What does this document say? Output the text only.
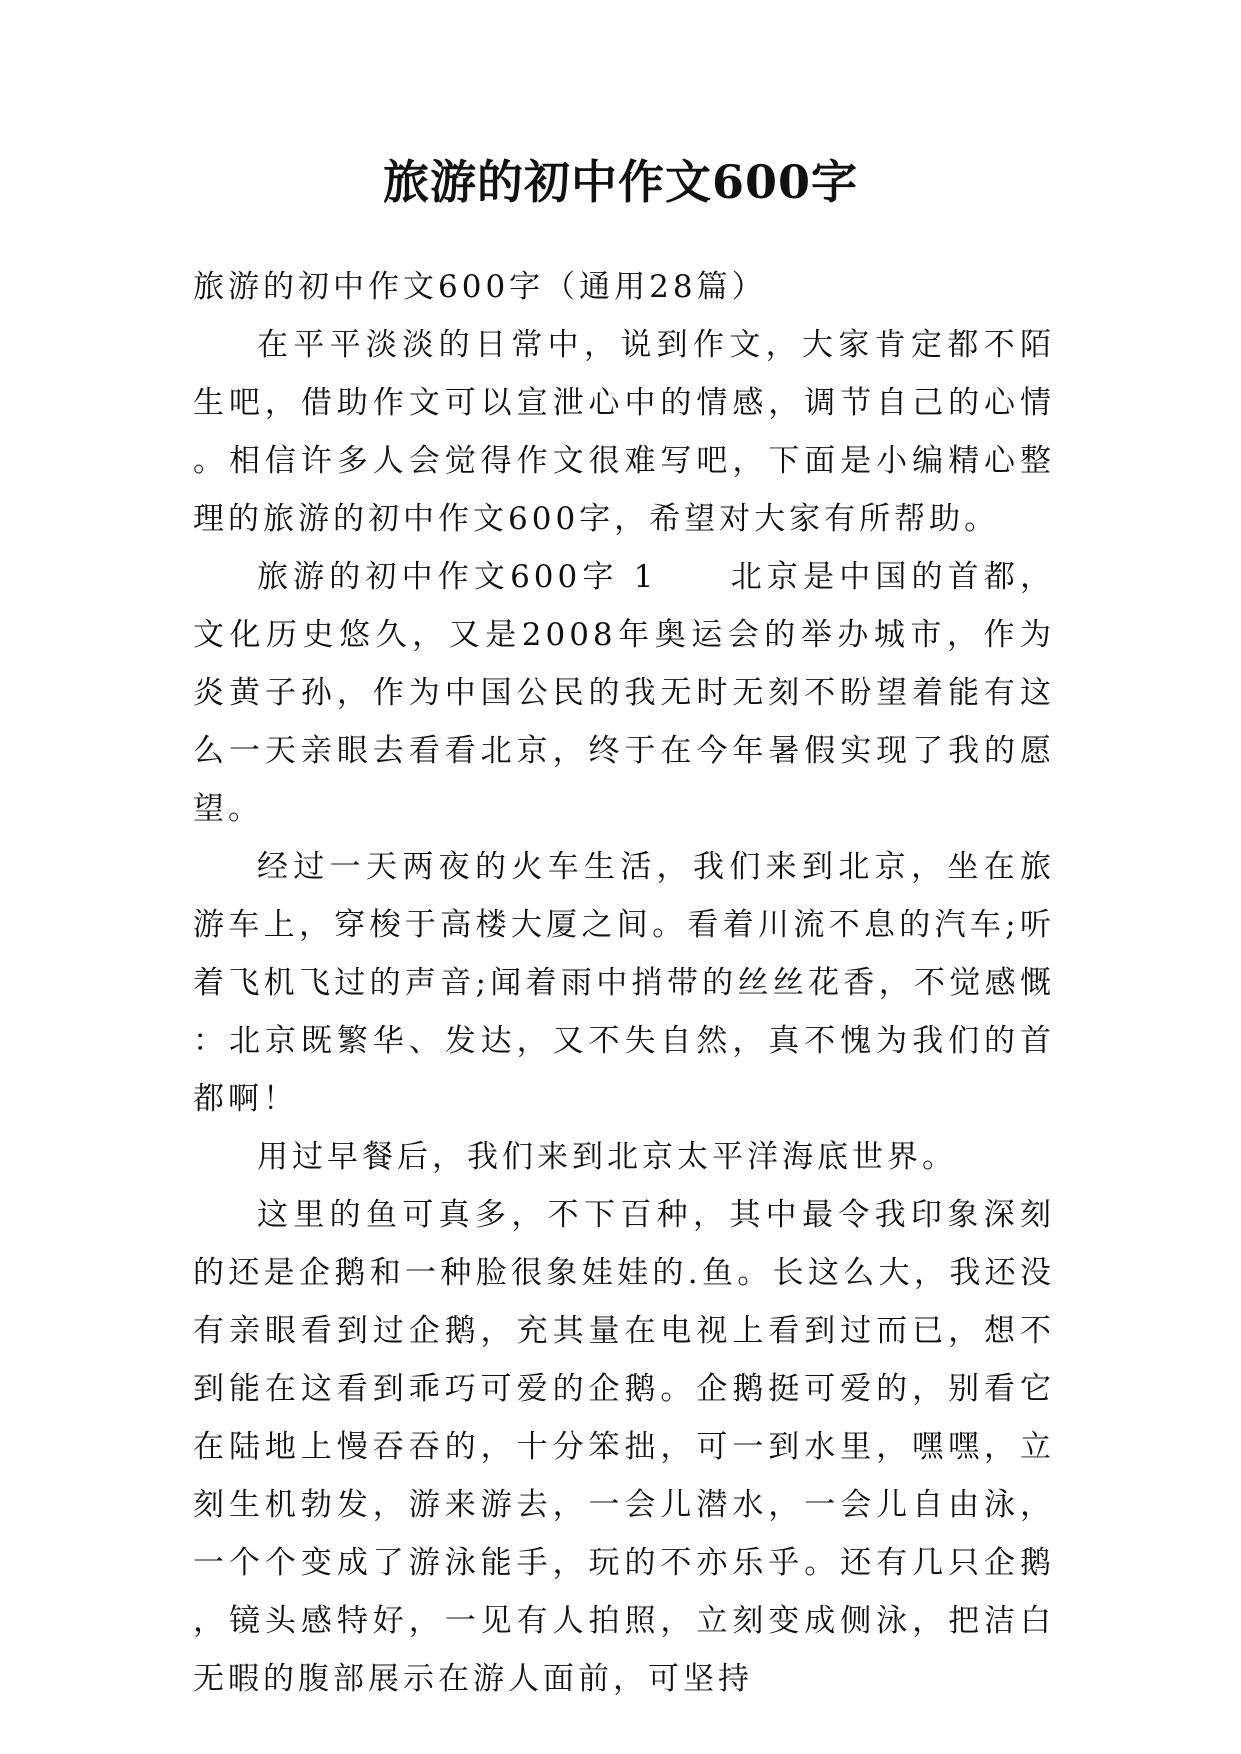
旅游的初中作文600字

旅游的初中作文600字（通用28篇）

在平平淡淡的日常中，说到作文，大家肯定都不陌生吧，借助作文可以宣泄心中的情感，调节自己的心情。相信许多人会觉得作文很难写吧，下面是小编精心整理的旅游的初中作文600字，希望对大家有所帮助。

旅游的初中作文600字 1　　北京是中国的首都，文化历史悠久，又是2008年奥运会的举办城市，作为炎黄子孙，作为中国公民的我无时无刻不盼望着能有这么一天亲眼去看看北京，终于在今年暑假实现了我的愿望。

经过一天两夜的火车生活，我们来到北京，坐在旅游车上，穿梭于高楼大厦之间。看着川流不息的汽车;听着飞机飞过的声音;闻着雨中捎带的丝丝花香，不觉感慨：北京既繁华、发达，又不失自然，真不愧为我们的首都啊！

用过早餐后，我们来到北京太平洋海底世界。

这里的鱼可真多，不下百种，其中最令我印象深刻的还是企鹅和一种脸很象娃娃的.鱼。长这么大，我还没有亲眼看到过企鹅，充其量在电视上看到过而已，想不到能在这看到乖巧可爱的企鹅。企鹅挺可爱的，别看它在陆地上慢吞吞的，十分笨拙，可一到水里，嘿嘿，立刻生机勃发，游来游去，一会儿潜水，一会儿自由泳，一个个变成了游泳能手，玩的不亦乐乎。还有几只企鹅，镜头感特好，一见有人拍照，立刻变成侧泳，把洁白无暇的腹部展示在游人面前，可坚持
